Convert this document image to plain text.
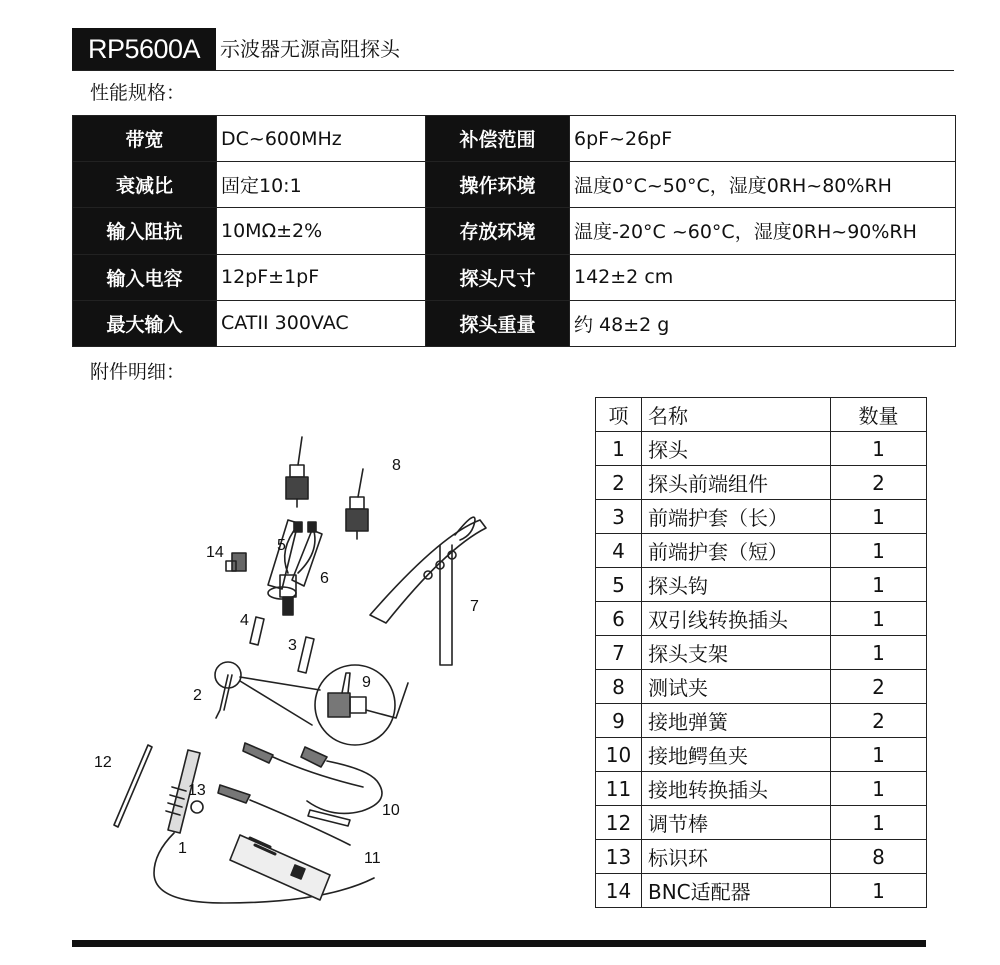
RP5600A 示波器无源高阻探头
性能规格：
带宽	DC~600MHz	补偿范围	6pF~26pF
衰减比	固定10:1	操作环境	温度0°C~50°C，湿度0RH~80%RH
输入阻抗	10MΩ±2%	存放环境	温度-20°C ~60°C，湿度0RH~90%RH
输入电容	12pF±1pF	探头尺寸	142±2 cm
最大输入	CATII 300VAC	探头重量	约 48±2 g
附件明细：
8
14	5
6
7
4
3
2
9
12
13
10
1
11
项	名称	数量
1	探头	1
2	探头前端组件	2
3	前端护套（长）	1
4	前端护套（短）	1
5	探头钩	1
6	双引线转换插头	1
7	探头支架	1
8	测试夹	2
9	接地弹簧	2
10	接地鳄鱼夹	1
11	接地转换插头	1
12	调节棒	1
13	标识环	8
14	BNC适配器	1
